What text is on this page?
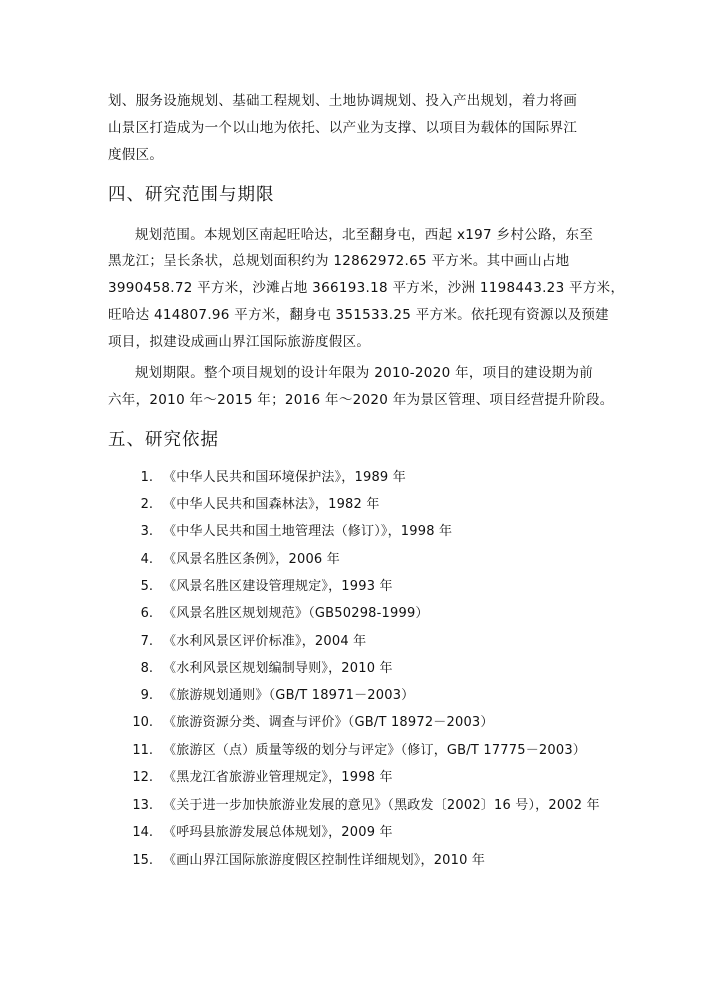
划、服务设施规划、基础工程规划、土地协调规划、投入产出规划，着力将画
山景区打造成为一个以山地为依托、以产业为支撑、以项目为载体的国际界江
度假区。
四、研究范围与期限
规划范围。本规划区南起旺哈达，北至翻身屯，西起 x197 乡村公路，东至
黑龙江；呈长条状，总规划面积约为 12862972.65 平方米。其中画山占地
3990458.72 平方米，沙滩占地 366193.18 平方米，沙洲 1198443.23 平方米，
旺哈达 414807.96 平方米，翻身屯 351533.25 平方米。依托现有资源以及预建
项目，拟建设成画山界江国际旅游度假区。
规划期限。整个项目规划的设计年限为 2010-2020 年，项目的建设期为前
六年，2010 年～2015 年；2016 年～2020 年为景区管理、项目经营提升阶段。
五、研究依据
1. 《中华人民共和国环境保护法》，1989 年
2. 《中华人民共和国森林法》，1982 年
3. 《中华人民共和国土地管理法（修订）》，1998 年
4. 《风景名胜区条例》，2006 年
5. 《风景名胜区建设管理规定》，1993 年
6. 《风景名胜区规划规范》（GB50298-1999）
7. 《水利风景区评价标准》，2004 年
8. 《水利风景区规划编制导则》，2010 年
9. 《旅游规划通则》（GB/T 18971－2003）
10. 《旅游资源分类、调查与评价》（GB/T 18972－2003）
11. 《旅游区（点）质量等级的划分与评定》（修订，GB/T 17775－2003）
12. 《黑龙江省旅游业管理规定》，1998 年
13. 《关于进一步加快旅游业发展的意见》（黑政发〔2002〕16 号），2002 年
14. 《呼玛县旅游发展总体规划》，2009 年
15. 《画山界江国际旅游度假区控制性详细规划》，2010 年
